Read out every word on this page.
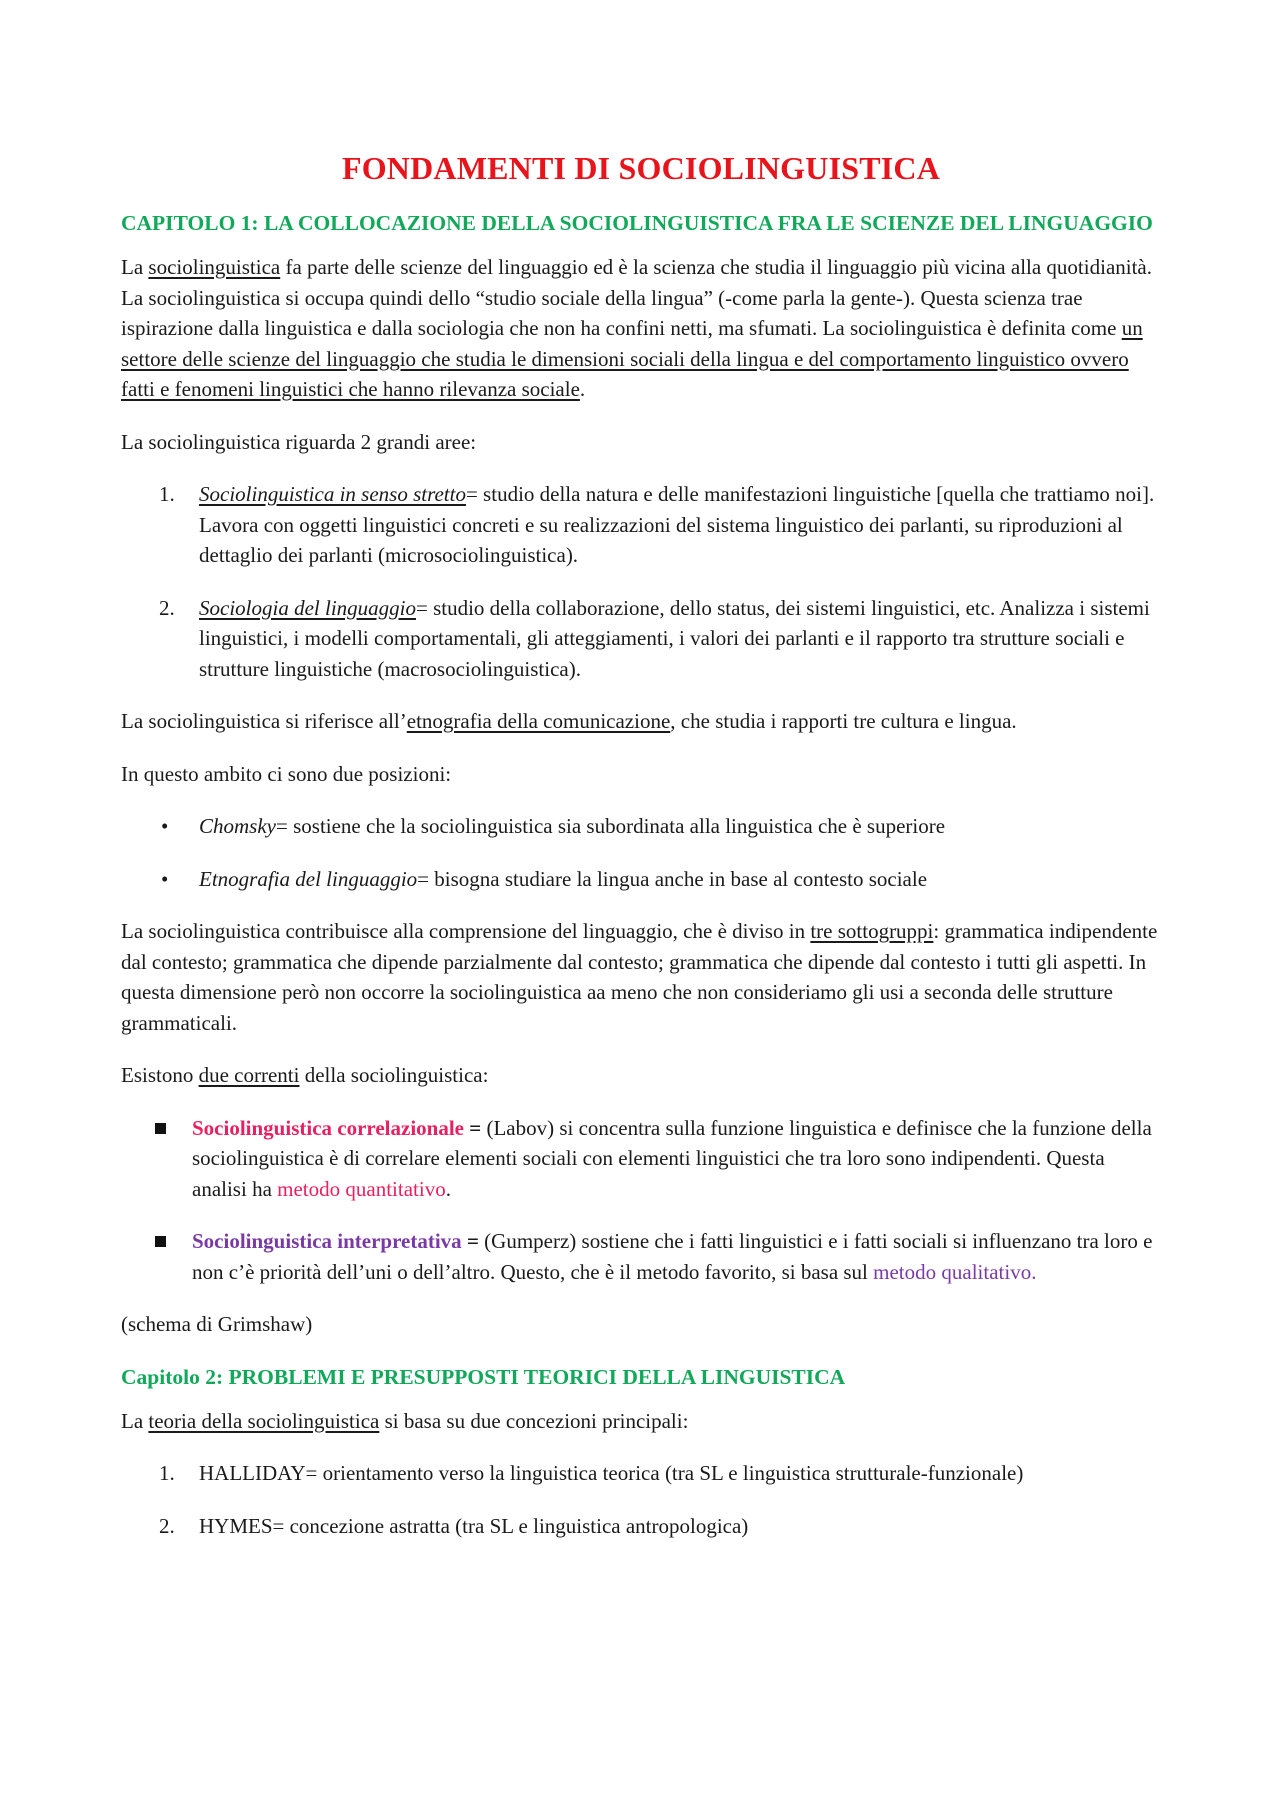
FONDAMENTI DI SOCIOLINGUISTICA
CAPITOLO 1: LA COLLOCAZIONE DELLA SOCIOLINGUISTICA FRA LE SCIENZE DEL LINGUAGGIO
La sociolinguistica fa parte delle scienze del linguaggio ed è la scienza che studia il linguaggio più vicina alla quotidianità. La sociolinguistica si occupa quindi dello “studio sociale della lingua” (-come parla la gente-). Questa scienza trae ispirazione dalla linguistica e dalla sociologia che non ha confini netti, ma sfumati. La sociolinguistica è definita come un settore delle scienze del linguaggio che studia le dimensioni sociali della lingua e del comportamento linguistico ovvero fatti e fenomeni linguistici che hanno rilevanza sociale.
La sociolinguistica riguarda 2 grandi aree:
1.	Sociolinguistica in senso stretto= studio della natura e delle manifestazioni linguistiche [quella che trattiamo noi]. Lavora con oggetti linguistici concreti e su realizzazioni del sistema linguistico dei parlanti, su riproduzioni al dettaglio dei parlanti (microsociolinguistica).
2.	Sociologia del linguaggio= studio della collaborazione, dello status, dei sistemi linguistici, etc. Analizza i sistemi linguistici, i modelli comportamentali, gli atteggiamenti, i valori dei parlanti e il rapporto tra strutture sociali e strutture linguistiche (macrosociolinguistica).
La sociolinguistica si riferisce all’etnografia della comunicazione, che studia i rapporti tre cultura e lingua.
In questo ambito ci sono due posizioni:
• Chomsky= sostiene che la sociolinguistica sia subordinata alla linguistica che è superiore
• Etnografia del linguaggio= bisogna studiare la lingua anche in base al contesto sociale
La sociolinguistica contribuisce alla comprensione del linguaggio, che è diviso in tre sottogruppi: grammatica indipendente dal contesto; grammatica che dipende parzialmente dal contesto; grammatica che dipende dal contesto i tutti gli aspetti. In questa dimensione però non occorre la sociolinguistica aa meno che non consideriamo gli usi a seconda delle strutture grammaticali.
Esistono due correnti della sociolinguistica:
Sociolinguistica correlazionale = (Labov) si concentra sulla funzione linguistica e definisce che la funzione della sociolinguistica è di correlare elementi sociali con elementi linguistici che tra loro sono indipendenti. Questa analisi ha metodo quantitativo.
Sociolinguistica interpretativa = (Gumperz) sostiene che i fatti linguistici e i fatti sociali si influenzano tra loro e non c’è priorità dell’uni o dell’altro. Questo, che è il metodo favorito, si basa sul metodo qualitativo.
(schema di Grimshaw)
Capitolo 2: PROBLEMI E PRESUPPOSTI TEORICI DELLA LINGUISTICA
La teoria della sociolinguistica si basa su due concezioni principali:
1.	HALLIDAY= orientamento verso la linguistica teorica (tra SL e linguistica strutturale-funzionale)
2.	HYMES= concezione astratta (tra SL e linguistica antropologica)
